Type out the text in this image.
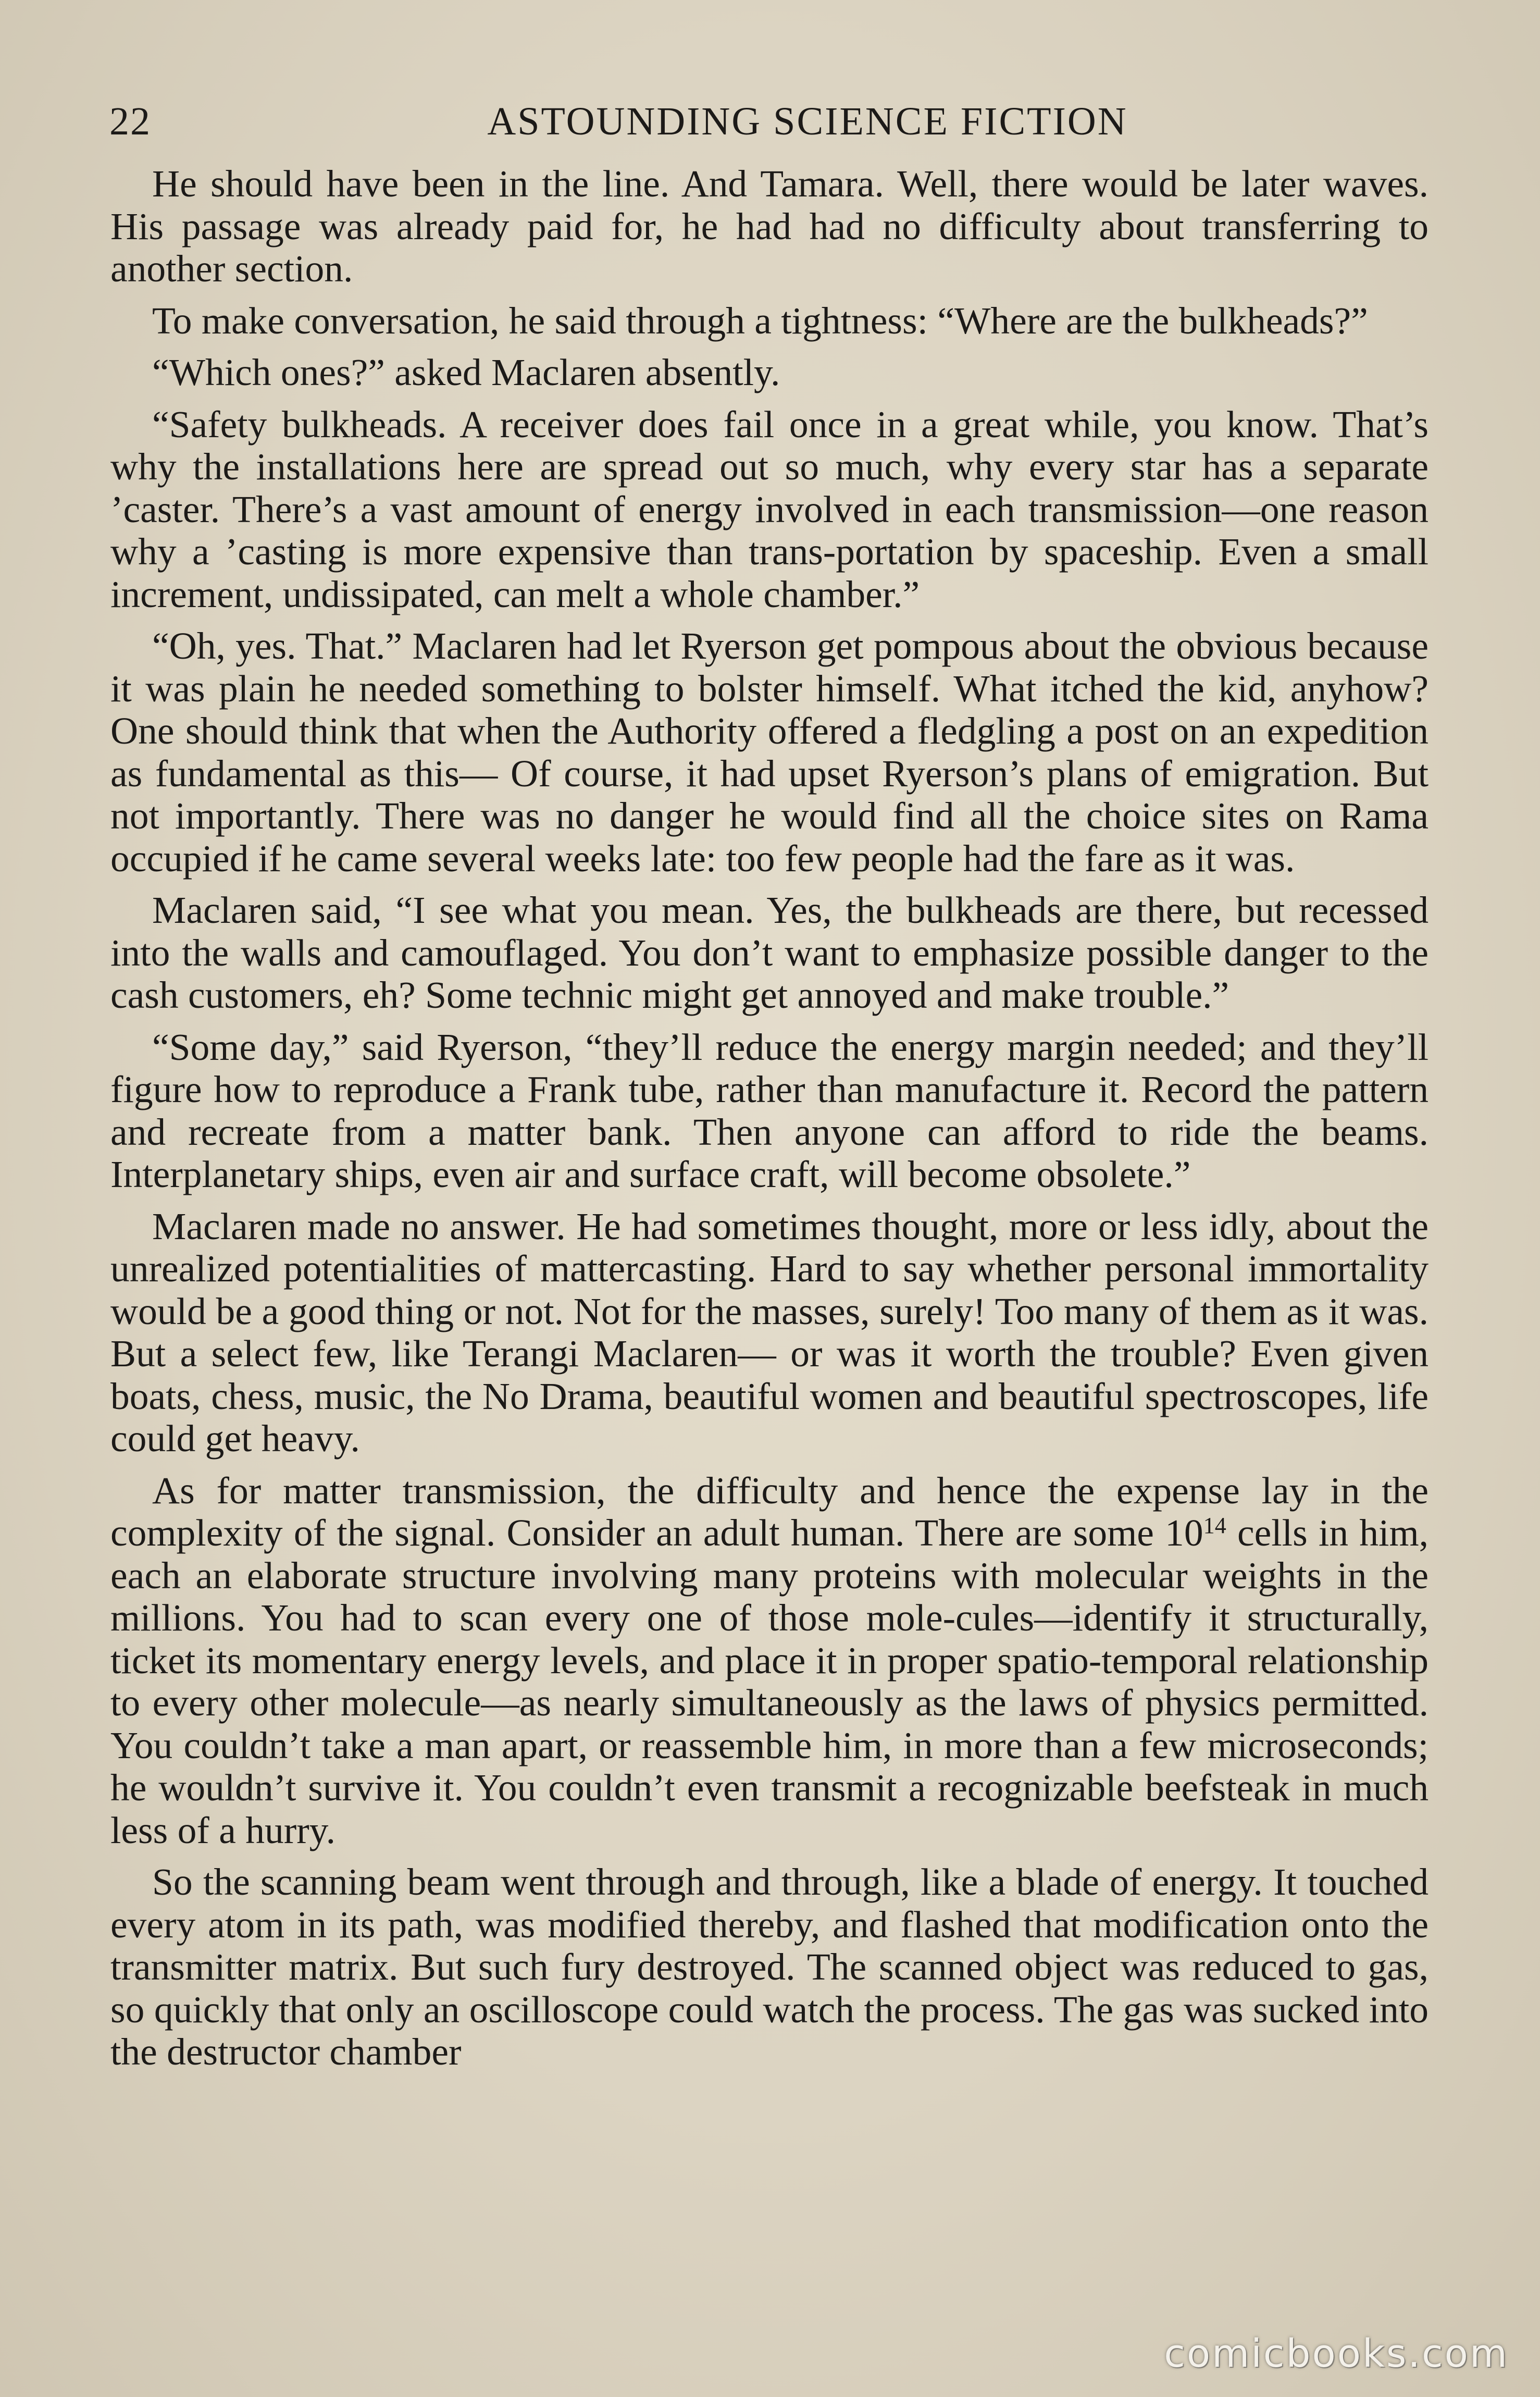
22	ASTOUNDING SCIENCE FICTION

He should have been in the line. And Tamara. Well, there would be later waves. His passage was already paid for, he had had no difficulty about transferring to another section.

To make conversation, he said through a tightness: “Where are the bulkheads?”

“Which ones?” asked Maclaren absently.

“Safety bulkheads. A receiver does fail once in a great while, you know. That’s why the installations here are spread out so much, why every star has a separate ’caster. There’s a vast amount of energy involved in each transmission—one reason why a ’casting is more expensive than trans-portation by spaceship. Even a small increment, undissipated, can melt a whole chamber.”

“Oh, yes. That.” Maclaren had let Ryerson get pompous about the obvious because it was plain he needed something to bolster himself. What itched the kid, anyhow? One should think that when the Authority offered a fledgling a post on an expedition as fundamental as this— Of course, it had upset Ryerson’s plans of emigration. But not importantly. There was no danger he would find all the choice sites on Rama occupied if he came several weeks late: too few people had the fare as it was.

Maclaren said, “I see what you mean. Yes, the bulkheads are there, but recessed into the walls and camouflaged. You don’t want to emphasize possible danger to the cash customers, eh? Some technic might get annoyed and make trouble.”

“Some day,” said Ryerson, “they’ll reduce the energy margin needed; and they’ll figure how to reproduce a Frank tube, rather than manufacture it. Record the pattern and recreate from a matter bank. Then anyone can afford to ride the beams. Interplanetary ships, even air and surface craft, will become obsolete.”

Maclaren made no answer. He had sometimes thought, more or less idly, about the unrealized potentialities of mattercasting. Hard to say whether personal immortality would be a good thing or not. Not for the masses, surely! Too many of them as it was. But a select few, like Terangi Maclaren— or was it worth the trouble? Even given boats, chess, music, the No Drama, beautiful women and beautiful spectroscopes, life could get heavy.

As for matter transmission, the difficulty and hence the expense lay in the complexity of the signal. Consider an adult human. There are some $10^{14}$ cells in him, each an elaborate structure involving many proteins with molecular weights in the millions. You had to scan every one of those mole-cules—identify it structurally, ticket its momentary energy levels, and place it in proper spatio-temporal relationship to every other molecule—as nearly simultaneously as the laws of physics permitted. You couldn’t take a man apart, or reassemble him, in more than a few microseconds; he wouldn’t survive it. You couldn’t even transmit a recognizable beefsteak in much less of a hurry.

So the scanning beam went through and through, like a blade of energy. It touched every atom in its path, was modified thereby, and flashed that modification onto the transmitter matrix. But such fury destroyed. The scanned object was reduced to gas, so quickly that only an oscilloscope could watch the process. The gas was sucked into the destructor chamber

comicbooks.com
